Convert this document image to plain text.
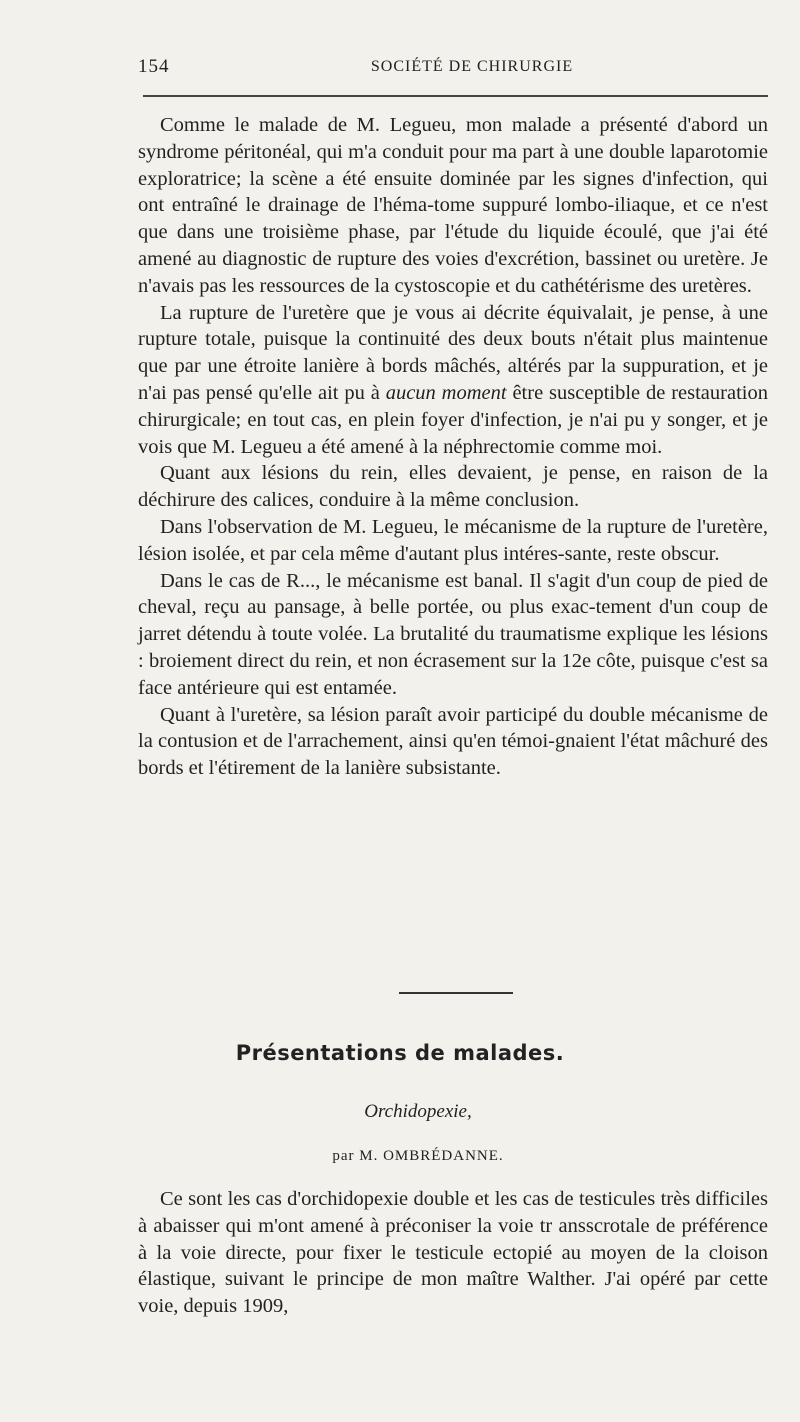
154	SOCIÉTÉ DE CHIRURGIE

Comme le malade de M. Legueu, mon malade a présenté d'abord un syndrome péritonéal, qui m'a conduit pour ma part à une double laparotomie exploratrice; la scène a été ensuite dominée par les signes d'infection, qui ont entraîné le drainage de l'héma-tome suppuré lombo-iliaque, et ce n'est que dans une troisième phase, par l'étude du liquide écoulé, que j'ai été amené au diagnostic de rupture des voies d'excrétion, bassinet ou uretère. Je n'avais pas les ressources de la cystoscopie et du cathétérisme des uretères.

La rupture de l'uretère que je vous ai décrite équivalait, je pense, à une rupture totale, puisque la continuité des deux bouts n'était plus maintenue que par une étroite lanière à bords mâchés, altérés par la suppuration, et je n'ai pas pensé qu'elle ait pu à aucun moment être susceptible de restauration chirurgicale; en tout cas, en plein foyer d'infection, je n'ai pu y songer, et je vois que M. Legueu a été amené à la néphrectomie comme moi.

Quant aux lésions du rein, elles devaient, je pense, en raison de la déchirure des calices, conduire à la même conclusion.

Dans l'observation de M. Legueu, le mécanisme de la rupture de l'uretère, lésion isolée, et par cela même d'autant plus intéres-sante, reste obscur.

Dans le cas de R..., le mécanisme est banal. Il s'agit d'un coup de pied de cheval, reçu au pansage, à belle portée, ou plus exac-tement d'un coup de jarret détendu à toute volée. La brutalité du traumatisme explique les lésions : broiement direct du rein, et non écrasement sur la 12e côte, puisque c'est sa face antérieure qui est entamée.

Quant à l'uretère, sa lésion paraît avoir participé du double mécanisme de la contusion et de l'arrachement, ainsi qu'en témoi-gnaient l'état mâchuré des bords et l'étirement de la lanière subsistante.

Présentations de malades.
Orchidopexie,
par M. OMBRÉDANNE.

Ce sont les cas d'orchidopexie double et les cas de testicules très difficiles à abaisser qui m'ont amené à préconiser la voie tr ansscrotale de préférence à la voie directe, pour fixer le testicule ectopié au moyen de la cloison élastique, suivant le principe de mon maître Walther. J'ai opéré par cette voie, depuis 1909,
